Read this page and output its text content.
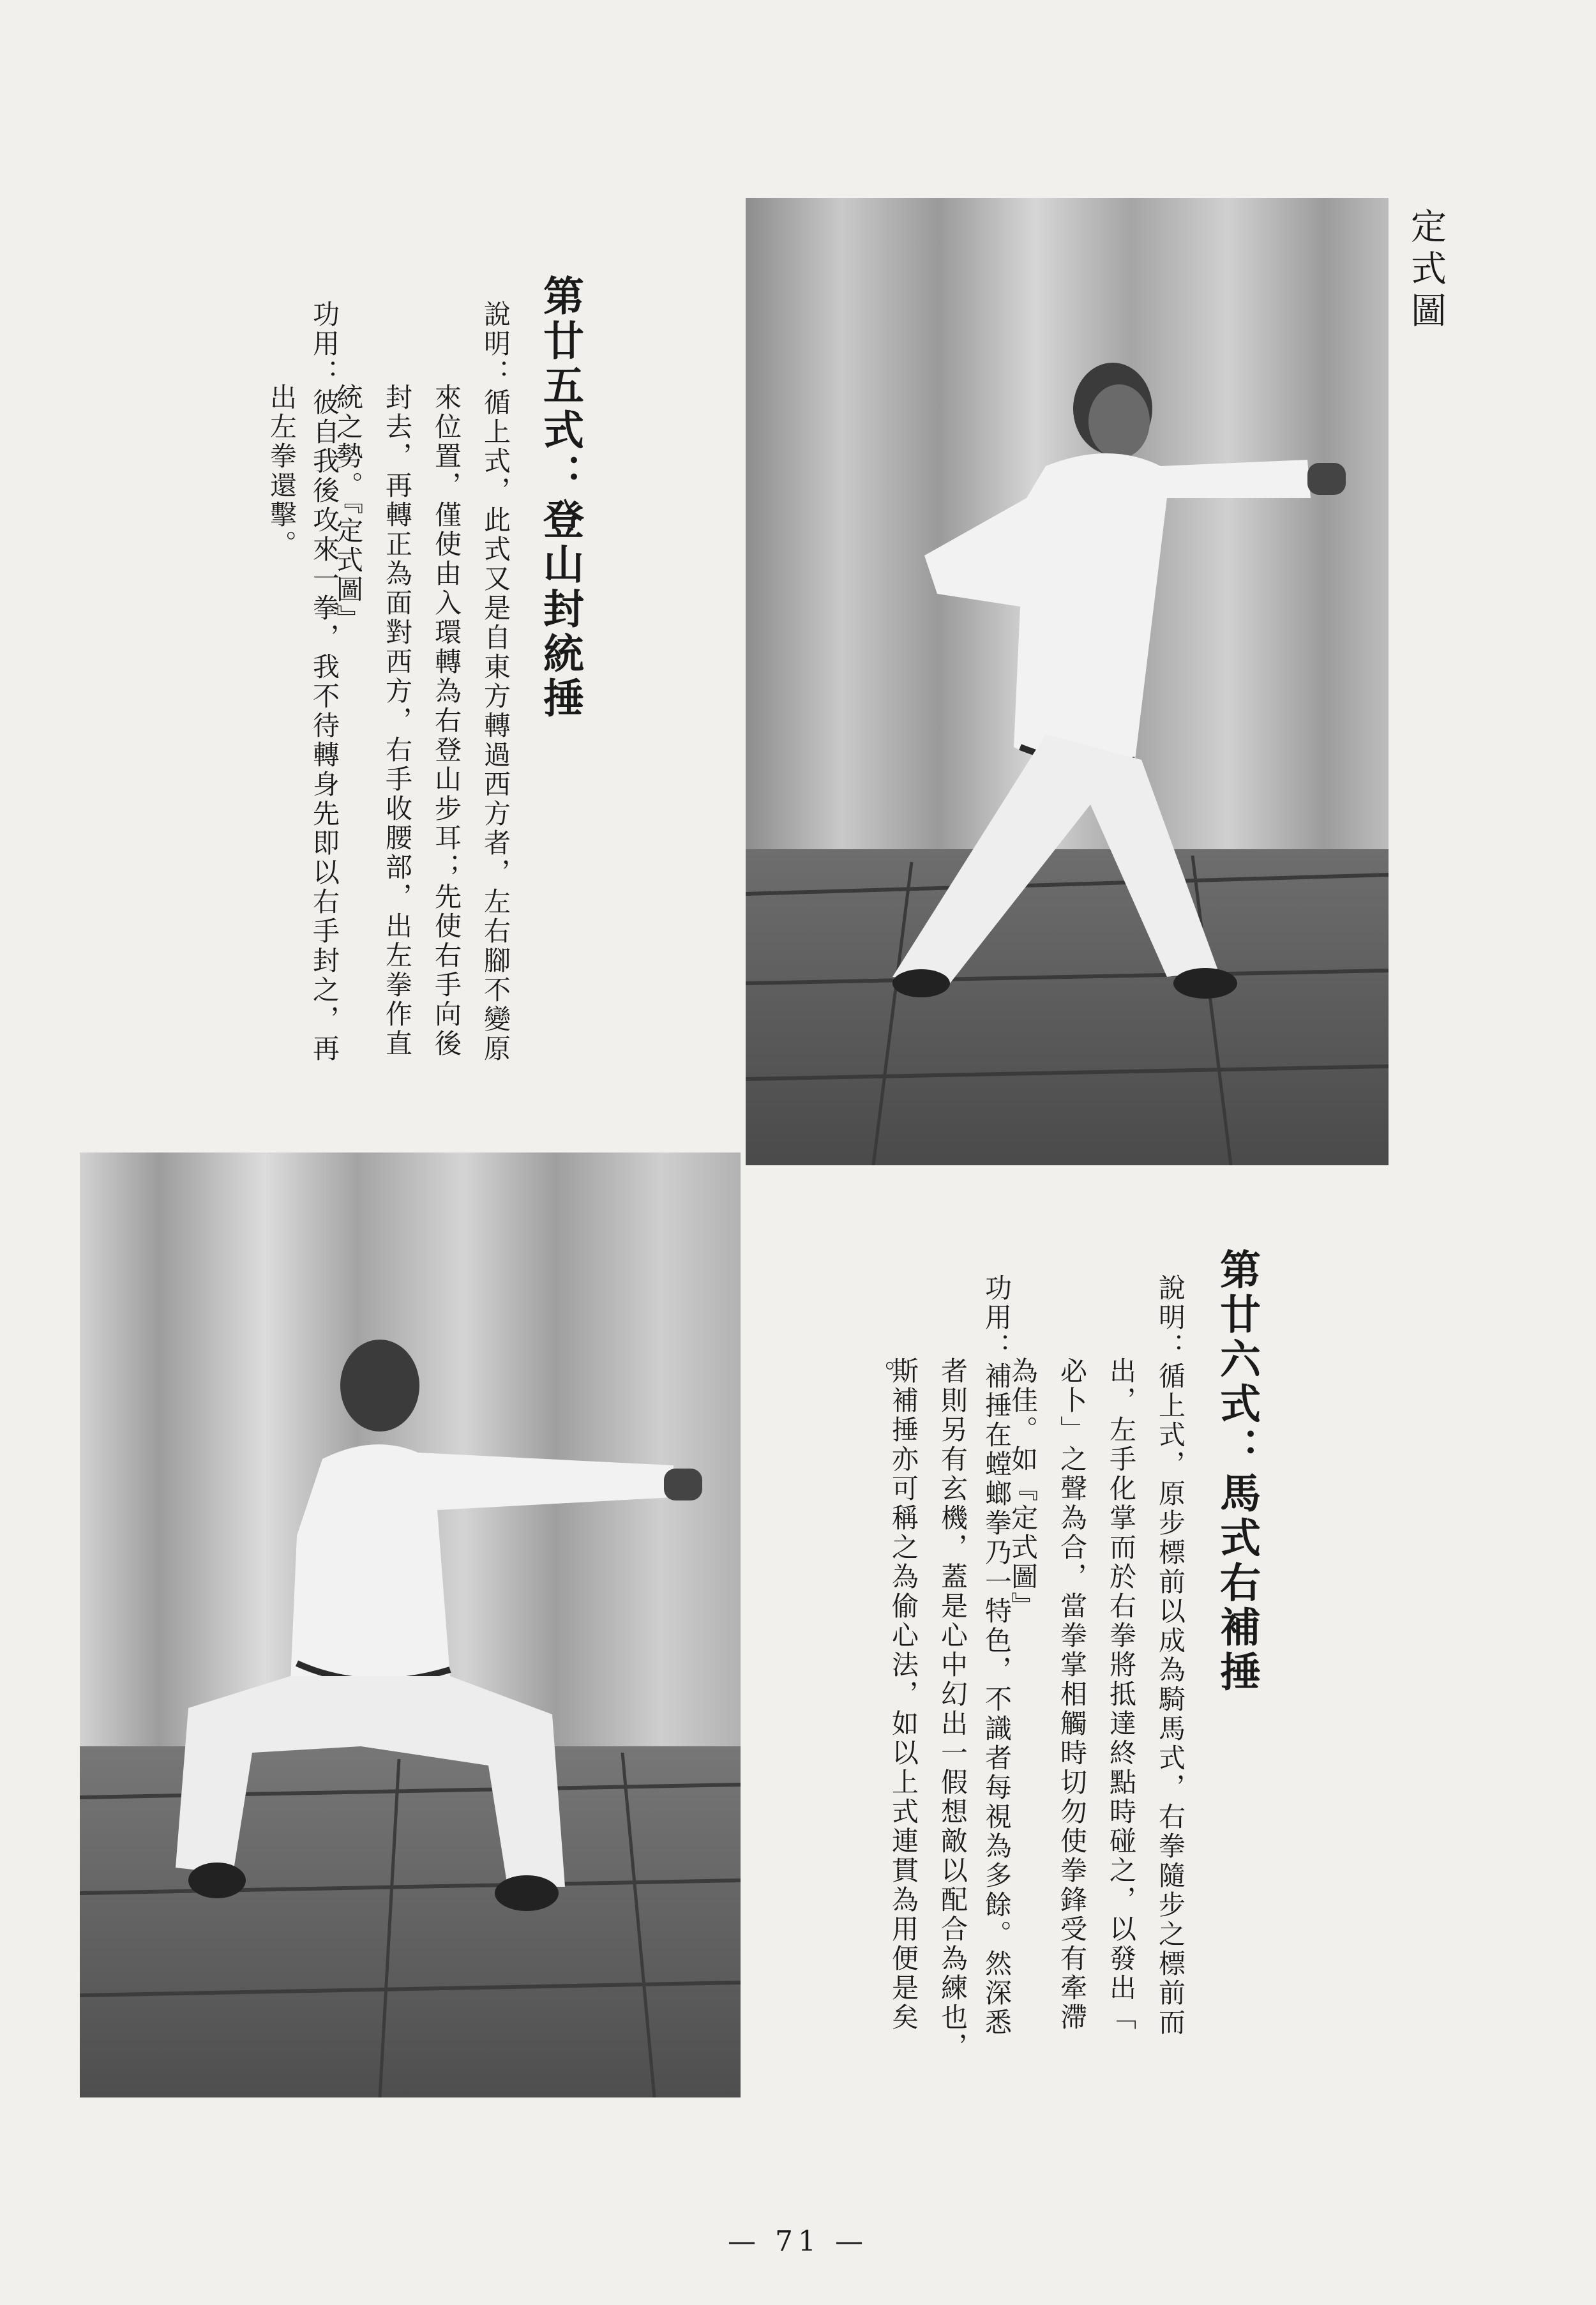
定式圖
第廿五式：登山封統捶
說明：循上式，此式又是自東方轉過西方者，左右腳不變原
來位置，僅使由入環轉為右登山步耳；先使右手向後
封去，再轉正為面對西方，右手收腰部，出左拳作直
統之勢。『定式圖』
功用：彼自我後攻來一拳，我不待轉身先即以右手封之，再
出左拳還擊。
第廿六式：馬式右補捶
說明：循上式，原步標前以成為騎馬式，右拳隨步之標前而
出，左手化掌而於右拳將抵達終點時碰之，以發出「
必卜」之聲為合，當拳掌相觸時切勿使拳鋒受有牽滯
為佳。如『定式圖』
功用：補捶在螳螂拳乃一特色，不識者每視為多餘。然深悉
者則另有玄機，蓋是心中幻出一假想敵以配合為練也，
斯補捶亦可稱之為偷心法，如以上式連貫為用便是矣
。
— 71 —
